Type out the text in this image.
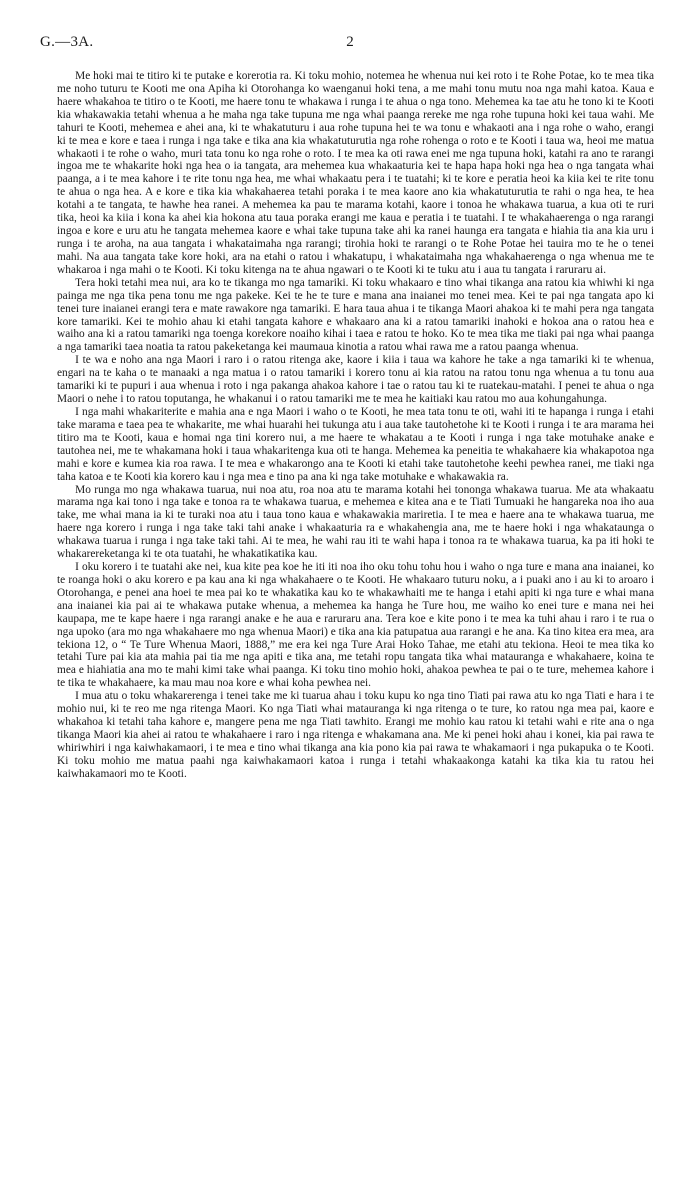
G.—3A.	2

Me hoki mai te titiro ki te putake e korerotia ra. Ki toku mohio, notemea he whenua nui kei roto i te Rohe Potae, ko te mea tika me noho tuturu te Kooti me ona Apiha ki Otorohanga ko waenganui hoki tena, a me mahi tonu mutu noa nga mahi katoa. Kaua e haere whakahoa te titiro o te Kooti, me haere tonu te whakawa i runga i te ahua o nga tono. Mehemea ka tae atu he tono ki te Kooti kia whakawakia tetahi whenua a he maha nga take tupuna me nga whai paanga rereke me nga rohe tupuna hoki kei taua wahi. Me tahuri te Kooti, mehemea e ahei ana, ki te whakatuturu i aua rohe tupuna hei te wa tonu e whakaoti ana i nga rohe o waho, erangi ki te mea e kore e taea i runga i nga take e tika ana kia whakatuturutia nga rohe rohenga o roto e te Kooti i taua wa, heoi me matua whakaoti i te rohe o waho, muri tata tonu ko nga rohe o roto. I te mea ka oti rawa enei me nga tupuna hoki, katahi ra ano te rarangi ingoa me te whakarite hoki nga hea o ia tangata, ara mehemea kua whakaaturia kei te hapa hapa hoki nga hea o nga tangata whai paanga, a i te mea kahore i te rite tonu nga hea, me whai whakaatu pera i te tuatahi; ki te kore e peratia heoi ka kiia kei te rite tonu te ahua o nga hea. A e kore e tika kia whakahaerea tetahi poraka i te mea kaore ano kia whakatuturutia te rahi o nga hea, te hea kotahi a te tangata, te hawhe hea ranei. A mehemea ka pau te marama kotahi, kaore i tonoa he whakawa tuarua, a kua oti te ruri tika, heoi ka kiia i kona ka ahei kia hokona atu taua poraka erangi me kaua e peratia i te tuatahi. I te whakahaerenga o nga rarangi ingoa e kore e uru atu he tangata mehemea kaore e whai take tupuna take ahi ka ranei haunga era tangata e hiahia tia ana kia uru i runga i te aroha, na aua tangata i whakataimaha nga rarangi; tirohia hoki te rarangi o te Rohe Potae hei tauira mo te he o tenei mahi. Na aua tangata take kore hoki, ara na etahi o ratou i whakatupu, i whakataimaha nga whakahaerenga o nga whenua me te whakaroa i nga mahi o te Kooti. Ki toku kitenga na te ahua ngawari o te Kooti ki te tuku atu i aua tu tangata i raruraru ai.

Tera hoki tetahi mea nui, ara ko te tikanga mo nga tamariki. Ki toku whakaaro e tino whai tikanga ana ratou kia whiwhi ki nga painga me nga tika pena tonu me nga pakeke. Kei te he te ture e mana ana inaianei mo tenei mea. Kei te pai nga tangata apo ki tenei ture inaianei erangi tera e mate rawakore nga tamariki. E hara taua ahua i te tikanga Maori ahakoa ki te mahi pera nga tangata kore tamariki. Kei te mohio ahau ki etahi tangata kahore e whakaaro ana ki a ratou tamariki inahoki e hokoa ana o ratou hea e waiho ana ki a ratou tamariki nga toenga korekore noaiho kihai i taea e ratou te hoko. Ko te mea tika me tiaki pai nga whai paanga a nga tamariki taea noatia ta ratou pakeketanga kei maumaua kinotia a ratou whai rawa me a ratou paanga whenua.

I te wa e noho ana nga Maori i raro i o ratou ritenga ake, kaore i kiia i taua wa kahore he take a nga tamariki ki te whenua, engari na te kaha o te manaaki a nga matua i o ratou tamariki i korero tonu ai kia ratou na ratou tonu nga whenua a tu tonu aua tamariki ki te pupuri i aua whenua i roto i nga pakanga ahakoa kahore i tae o ratou tau ki te ruatekau-matahi. I penei te ahua o nga Maori o nehe i to ratou toputanga, he whakanui i o ratou tamariki me te mea he kaitiaki kau ratou mo aua kohungahunga.

I nga mahi whakariterite e mahia ana e nga Maori i waho o te Kooti, he mea tata tonu te oti, wahi iti te hapanga i runga i etahi take marama e taea pea te whakarite, me whai huarahi hei tukunga atu i aua take tautohetohe ki te Kooti i runga i te ara marama hei titiro ma te Kooti, kaua e homai nga tini korero nui, a me haere te whakatau a te Kooti i runga i nga take motuhake anake e tautohea nei, me te whakamana hoki i taua whakaritenga kua oti te hanga. Mehemea ka peneitia te whakahaere kia whakapotoa nga mahi e kore e kumea kia roa rawa. I te mea e whakarongo ana te Kooti ki etahi take tautohetohe keehi pewhea ranei, me tiaki nga taha katoa e te Kooti kia korero kau i nga mea e tino pa ana ki nga take motuhake e whakawakia ra.

Mo runga mo nga whakawa tuarua, nui noa atu, roa noa atu te marama kotahi hei tononga whakawa tuarua. Me ata whakaatu marama nga kai tono i nga take e tonoa ra te whakawa tuarua, e mehemea e kitea ana e te Tiati Tumuaki he hangareka noa iho aua take, me whai mana ia ki te turaki noa atu i taua tono kaua e whakawakia mariretia. I te mea e haere ana te whakawa tuarua, me haere nga korero i runga i nga take taki tahi anake i whakaaturia ra e whakahengia ana, me te haere hoki i nga whakataunga o whakawa tuarua i runga i nga take taki tahi. Ai te mea, he wahi rau iti te wahi hapa i tonoa ra te whakawa tuarua, ka pa iti hoki te whakarereketanga ki te ota tuatahi, he whakatikatika kau.

I oku korero i te tuatahi ake nei, kua kite pea koe he iti iti noa iho oku tohu tohu hou i waho o nga ture e mana ana inaianei, ko te roanga hoki o aku korero e pa kau ana ki nga whakahaere o te Kooti. He whakaaro tuturu noku, a i puaki ano i au ki to aroaro i Otorohanga, e penei ana hoei te mea pai ko te whakatika kau ko te whakawhaiti me te hanga i etahi apiti ki nga ture e whai mana ana inaianei kia pai ai te whakawa putake whenua, a mehemea ka hanga he Ture hou, me waiho ko enei ture e mana nei hei kaupapa, me te kape haere i nga rarangi anake e he aua e raruraru ana. Tera koe e kite pono i te mea ka tuhi ahau i raro i te rua o nga upoko (ara mo nga whakahaere mo nga whenua Maori) e tika ana kia patupatua aua rarangi e he ana. Ka tino kitea era mea, ara tekiona 12, o “ Te Ture Whenua Maori, 1888,” me era kei nga Ture Arai Hoko Tahae, me etahi atu tekiona. Heoi te mea tika ko tetahi Ture pai kia ata mahia pai tia me nga apiti e tika ana, me tetahi ropu tangata tika whai matauranga e whakahaere, koina te mea e hiahiatia ana mo te mahi kimi take whai paanga. Ki toku tino mohio hoki, ahakoa pewhea te pai o te ture, mehemea kahore i te tika te whakahaere, ka mau mau noa kore e whai koha pewhea nei.

I mua atu o toku whakarerenga i tenei take me ki tuarua ahau i toku kupu ko nga tino Tiati pai rawa atu ko nga Tiati e hara i te mohio nui, ki te reo me nga ritenga Maori. Ko nga Tiati whai matauranga ki nga ritenga o te ture, ko ratou nga mea pai, kaore e whakahoa ki tetahi taha kahore e, mangere pena me nga Tiati tawhito. Erangi me mohio kau ratou ki tetahi wahi e rite ana o nga tikanga Maori kia ahei ai ratou te whakahaere i raro i nga ritenga e whakamana ana. Me ki penei hoki ahau i konei, kia pai rawa te whiriwhiri i nga kaiwhakamaori, i te mea e tino whai tikanga ana kia pono kia pai rawa te whakamaori i nga pukapuka o te Kooti. Ki toku mohio me matua paahi nga kaiwhakamaori katoa i runga i tetahi whakaakonga katahi ka tika kia tu ratou hei kaiwhakamaori mo te Kooti.
